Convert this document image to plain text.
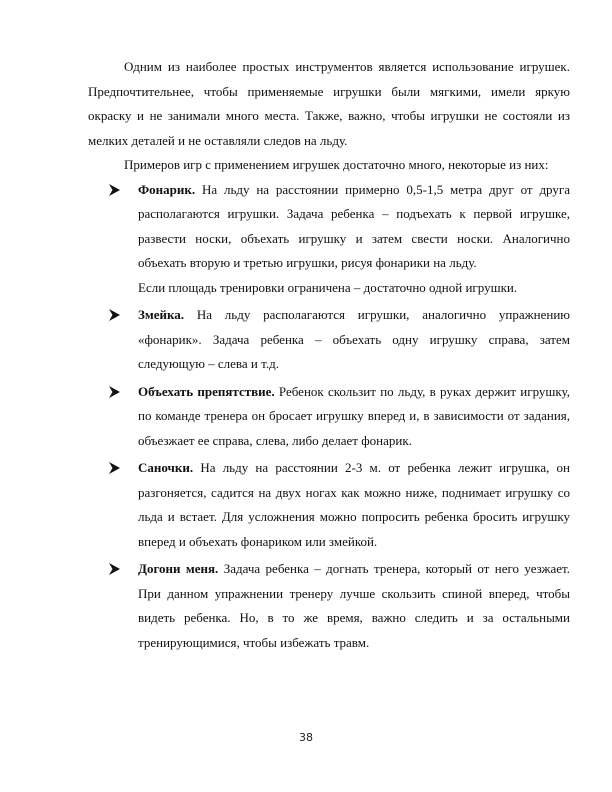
Одним из наиболее простых инструментов является использование игрушек. Предпочтительнее, чтобы применяемые игрушки были мягкими, имели яркую окраску и не занимали много места. Также, важно, чтобы игрушки не состояли из мелких деталей и не оставляли следов на льду.

Примеров игр с применением игрушек достаточно много, некоторые из них:

Фонарик. На льду на расстоянии примерно 0,5-1,5 метра друг от друга располагаются игрушки. Задача ребенка – подъехать к первой игрушке, развести носки, объехать игрушку и затем свести носки. Аналогично объехать вторую и третью игрушки, рисуя фонарики на льду.
Если площадь тренировки ограничена – достаточно одной игрушки.
Змейка. На льду располагаются игрушки, аналогично упражнению «фонарик». Задача ребенка – объехать одну игрушку справа, затем следующую – слева и т.д.
Объехать препятствие. Ребенок скользит по льду, в руках держит игрушку, по команде тренера он бросает игрушку вперед и, в зависимости от задания, объезжает ее справа, слева, либо делает фонарик.
Саночки. На льду на расстоянии 2-3 м. от ребенка лежит игрушка, он разгоняется, садится на двух ногах как можно ниже, поднимает игрушку со льда и встает. Для усложнения можно попросить ребенка бросить игрушку вперед и объехать фонариком или змейкой.
Догони меня. Задача ребенка – догнать тренера, который от него уезжает. При данном упражнении тренеру лучше скользить спиной вперед, чтобы видеть ребенка. Но, в то же время, важно следить и за остальными тренирующимися, чтобы избежать травм.
38
